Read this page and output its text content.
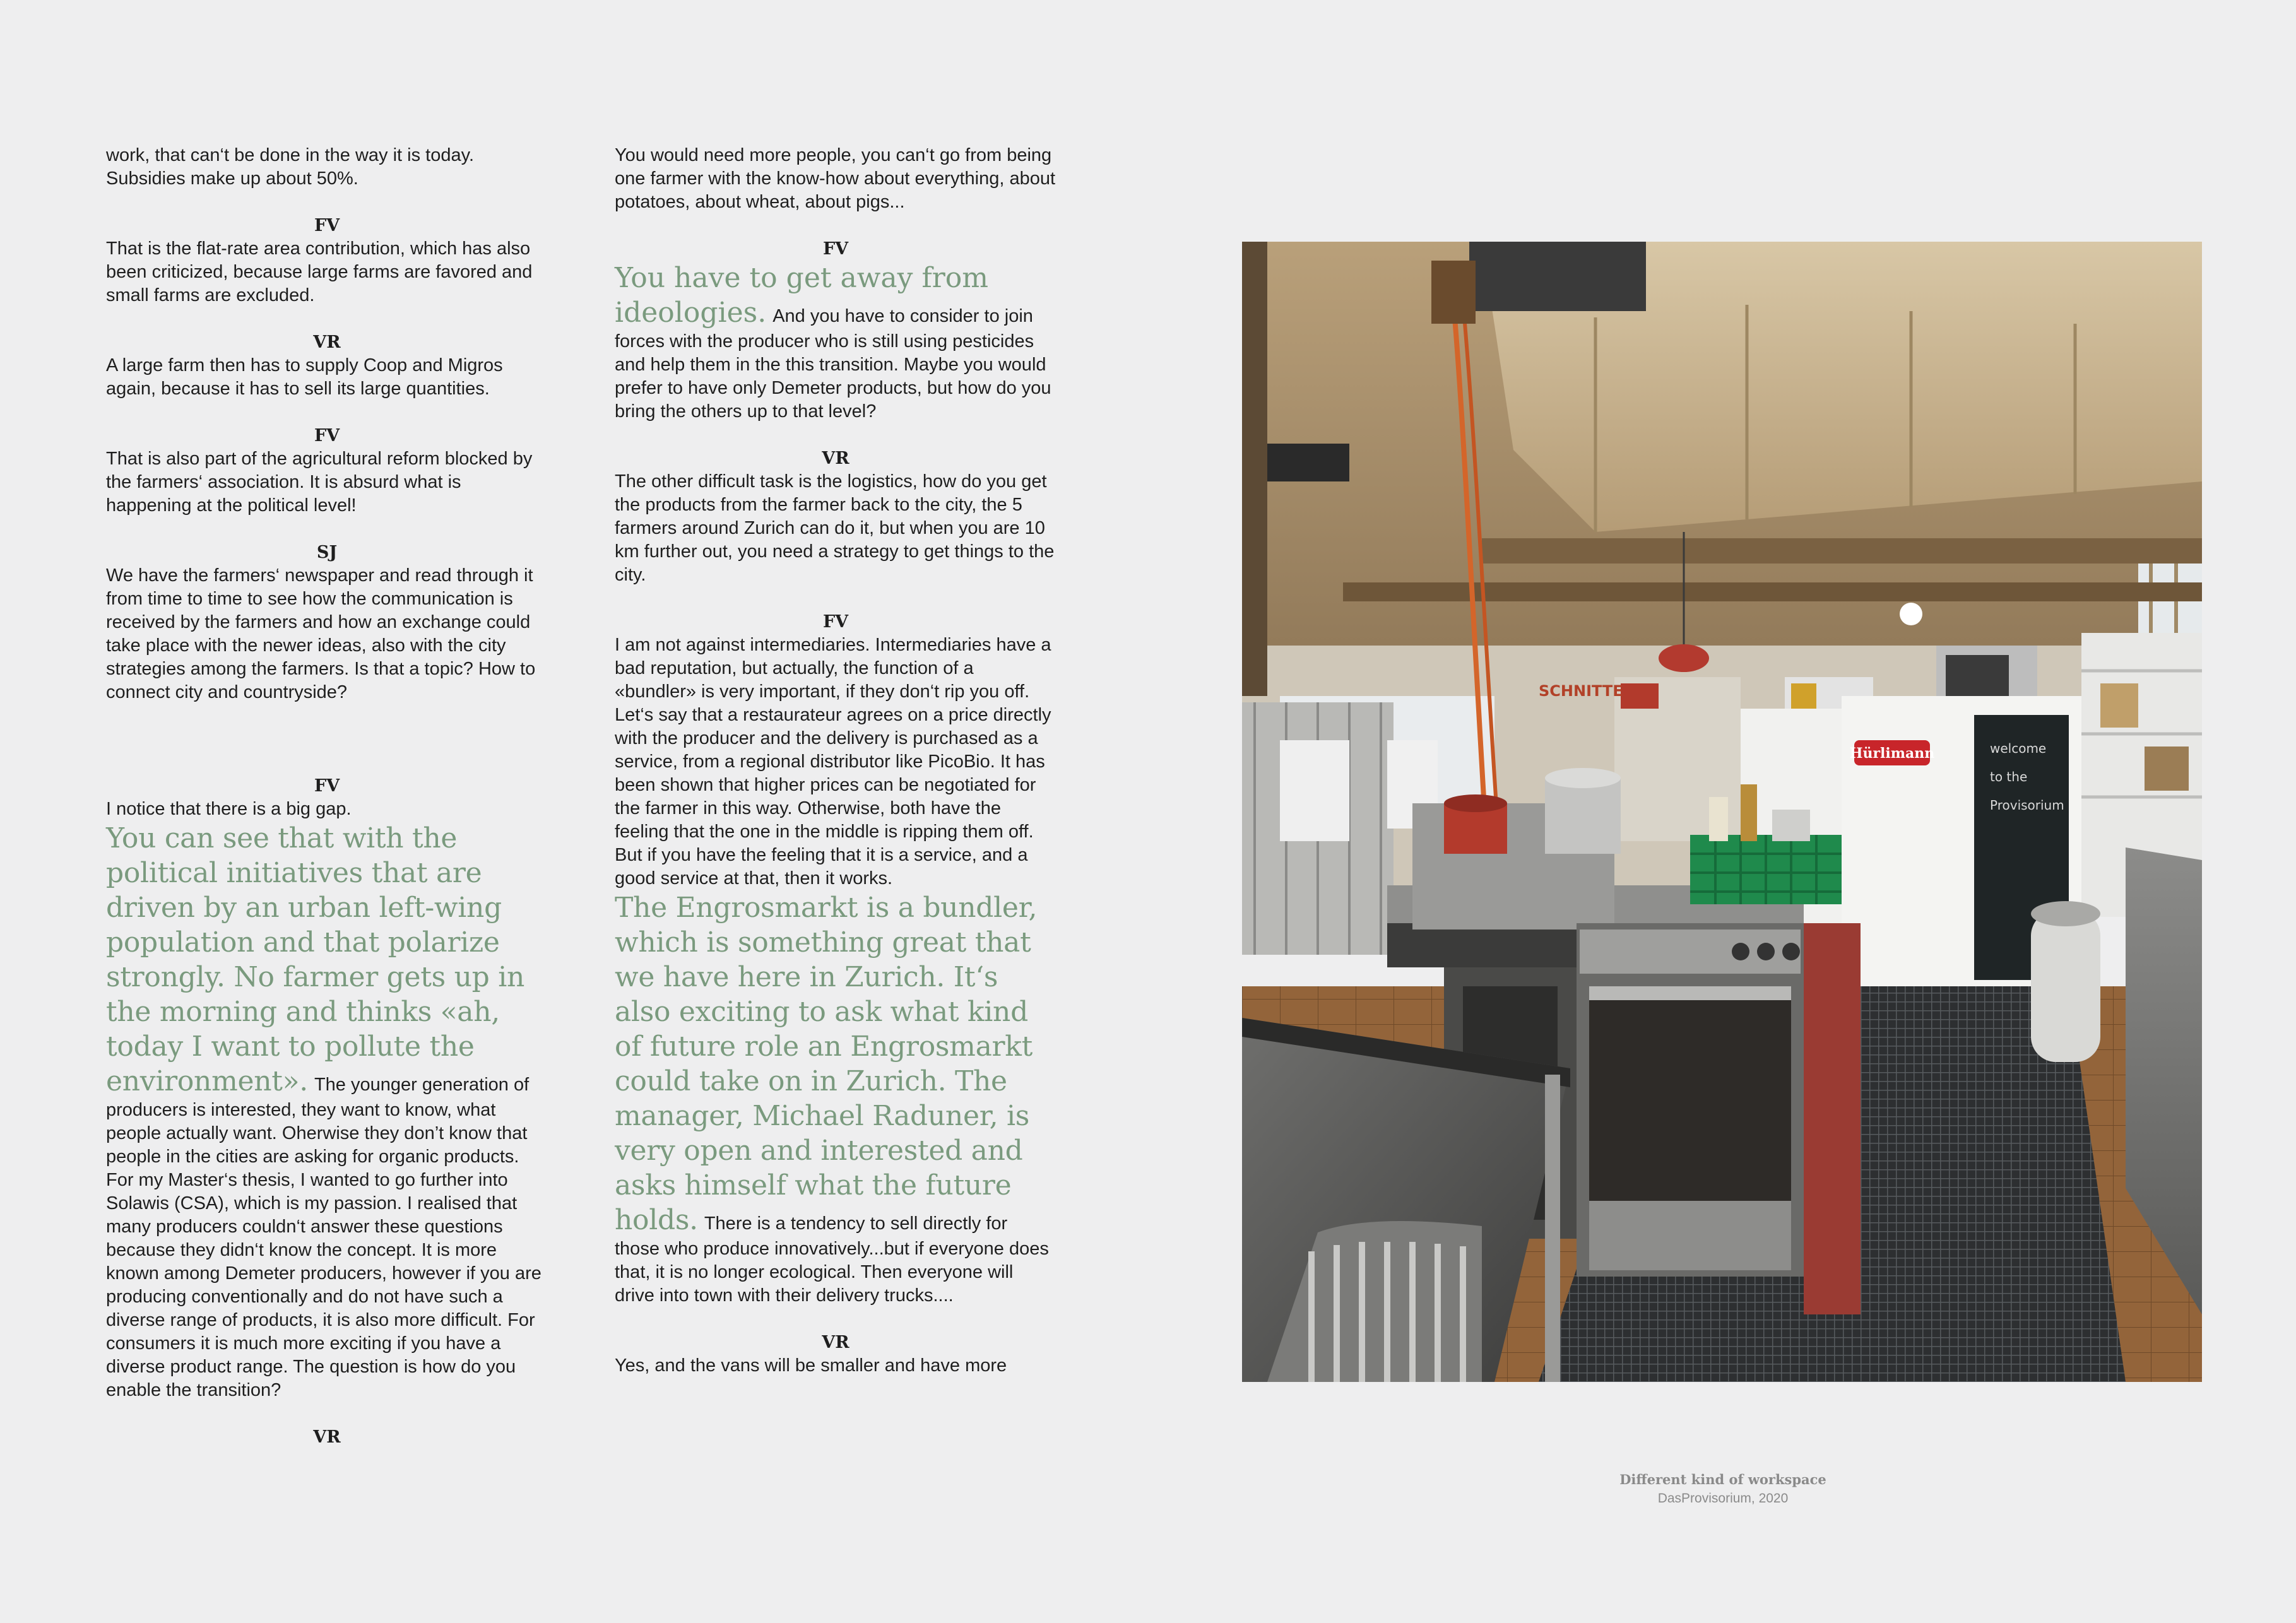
work, that can‘t be done in the way it is today. Subsidies make up about 50%.

FV

That is the flat-rate area contribution, which has also been criticized, because large farms are favored and small farms are excluded.

VR

A large farm then has to supply Coop and Migros again, because it has to sell its large quantities.

FV

That is also part of the agricultural reform blocked by the farmers‘ association. It is absurd what is happening at the political level!

SJ

We have the farmers‘ newspaper and read through it from time to time to see how the communication is received by the farmers and how an exchange could take place with the newer ideas, also with the city strategies among the farmers. Is that a topic? How to connect city and countryside?

FV

I notice that there is a big gap.

You can see that with the political initiatives that are driven by an urban left-wing population and that polarize strongly. No farmer gets up in the morning and thinks «ah, today I want to pollute the environment». The younger generation of producers is interested, they want to know, what people actually want. Oherwise they don’t know that people in the cities are asking for organic products. For my Master‘s thesis, I wanted to go further into Solawis (CSA), which is my passion. I realised that many producers couldn‘t answer these questions because they didn‘t know the concept. It is more known among Demeter producers, however if you are producing conventionally and do not have such a diverse range of products, it is also more difficult. For consumers it is much more exciting if you have a diverse product range. The question is how do you enable the transition?

VR

You would need more people, you can‘t go from being one farmer with the know-how about everything, about potatoes, about wheat, about pigs...

FV

You have to get away from ideologies. And you have to consider to join forces with the producer who is still using pesticides and help them in the this transition. Maybe you would prefer to have only Demeter products, but how do you bring the others up to that level?

VR

The other difficult task is the logistics, how do you get the products from the farmer back to the city, the 5 farmers around Zurich can do it, but when you are 10 km further out, you need a strategy to get things to the city.

FV

I am not against intermediaries. Intermediaries have a bad reputation, but actually, the function of a «bundler» is very important, if they don‘t rip you off. Let‘s say that a restaurateur agrees on a price directly with the producer and the delivery is purchased as a service, from a regional distributor like PicoBio. It has been shown that higher prices can be negotiated for the farmer in this way. Otherwise, both have the feeling that the one in the middle is ripping them off. But if you have the feeling that it is a service, and a good service at that, then it works.

The Engrosmarkt is a bundler, which is something great that we have here in Zurich. It‘s also exciting to ask what kind of future role an Engrosmarkt could take on in Zurich. The manager, Michael Raduner, is very open and interested and asks himself what the future holds. There is a tendency to sell directly for those who produce innovatively...but if everyone does that, it is no longer ecological. Then everyone will drive into town with their delivery trucks....

VR

Yes, and the vans will be smaller and have more

Hürlimann	welcome
to the
Provisorium
SCHNITTE
Different kind of workspace
DasProvisorium, 2020
